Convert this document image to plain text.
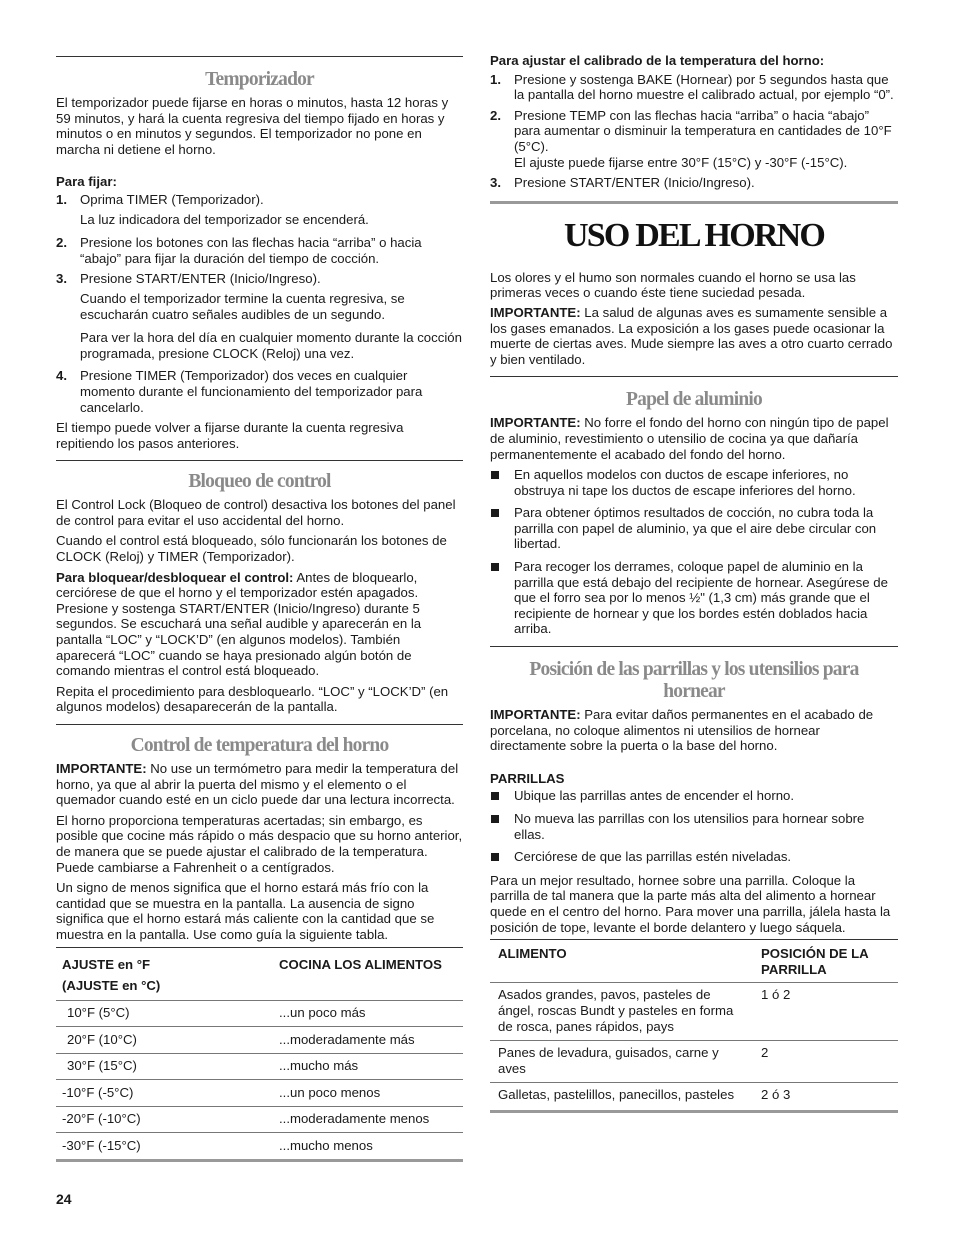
Temporizador

El temporizador puede fijarse en horas o minutos, hasta 12 horas y 59 minutos, y hará la cuenta regresiva del tiempo fijado en horas y minutos o en minutos y segundos. El temporizador no pone en marcha ni detiene el horno.

Para fijar:

1. Oprima TIMER (Temporizador).

La luz indicadora del temporizador se encenderá.

2. Presione los botones con las flechas hacia “arriba” o hacia “abajo” para fijar la duración del tiempo de cocción.

3. Presione START/ENTER (Inicio/Ingreso).

Cuando el temporizador termine la cuenta regresiva, se escucharán cuatro señales audibles de un segundo.

Para ver la hora del día en cualquier momento durante la cocción programada, presione CLOCK (Reloj) una vez.

4. Presione TIMER (Temporizador) dos veces en cualquier momento durante el funcionamiento del temporizador para cancelarlo.

El tiempo puede volver a fijarse durante la cuenta regresiva repitiendo los pasos anteriores.

Bloqueo de control

El Control Lock (Bloqueo de control) desactiva los botones del panel de control para evitar el uso accidental del horno.

Cuando el control está bloqueado, sólo funcionarán los botones de CLOCK (Reloj) y TIMER (Temporizador).

Para bloquear/desbloquear el control: Antes de bloquearlo, cerciórese de que el horno y el temporizador estén apagados. Presione y sostenga START/ENTER (Inicio/Ingreso) durante 5 segundos. Se escuchará una señal audible y aparecerán en la pantalla “LOC” y “LOCK’D” (en algunos modelos). También aparecerá “LOC” cuando se haya presionado algún botón de comando mientras el control está bloqueado.

Repita el procedimiento para desbloquearlo. “LOC” y “LOCK’D” (en algunos modelos) desaparecerán de la pantalla.

Control de temperatura del horno

IMPORTANTE: No use un termómetro para medir la temperatura del horno, ya que al abrir la puerta del mismo y el elemento o el quemador cuando esté en un ciclo puede dar una lectura incorrecta.

El horno proporciona temperaturas acertadas; sin embargo, es posible que cocine más rápido o más despacio que su horno anterior, de manera que se puede ajustar el calibrado de la temperatura. Puede cambiarse a Fahrenheit o a centígrados.

Un signo de menos significa que el horno estará más frío con la cantidad que se muestra en la pantalla. La ausencia de signo significa que el horno estará más caliente con la cantidad que se muestra en la pantalla. Use como guía la siguiente tabla.

AJUSTE en °F
(AJUSTE en °C)	COCINA LOS ALIMENTOS
10°F (5°C)	...un poco más
20°F (10°C)	...moderadamente más
30°F (15°C)	...mucho más
-10°F (-5°C)	...un poco menos
-20°F (-10°C)	...moderadamente menos
-30°F (-15°C)	...mucho menos

Para ajustar el calibrado de la temperatura del horno:

1. Presione y sostenga BAKE (Hornear) por 5 segundos hasta que la pantalla del horno muestre el calibrado actual, por ejemplo “0”.

2. Presione TEMP con las flechas hacia “arriba” o hacia “abajo” para aumentar o disminuir la temperatura en cantidades de 10°F (5°C).

El ajuste puede fijarse entre 30°F (15°C) y -30°F (-15°C).

3. Presione START/ENTER (Inicio/Ingreso).

USO DEL HORNO

Los olores y el humo son normales cuando el horno se usa las primeras veces o cuando éste tiene suciedad pesada.

IMPORTANTE: La salud de algunas aves es sumamente sensible a los gases emanados. La exposición a los gases puede ocasionar la muerte de ciertas aves. Mude siempre las aves a otro cuarto cerrado y bien ventilado.

Papel de aluminio

IMPORTANTE: No forre el fondo del horno con ningún tipo de papel de aluminio, revestimiento o utensilio de cocina ya que dañaría permanentemente el acabado del fondo del horno.

En aquellos modelos con ductos de escape inferiores, no obstruya ni tape los ductos de escape inferiores del horno.
Para obtener óptimos resultados de cocción, no cubra toda la parrilla con papel de aluminio, ya que el aire debe circular con libertad.
Para recoger los derrames, coloque papel de aluminio en la parrilla que está debajo del recipiente de hornear. Asegúrese de que el forro sea por lo menos ½" (1,3 cm) más grande que el recipiente de hornear y que los bordes estén doblados hacia arriba.
Posición de las parrillas y los utensilios para
hornear

IMPORTANTE: Para evitar daños permanentes en el acabado de porcelana, no coloque alimentos ni utensilios de hornear directamente sobre la puerta o la base del horno.

PARRILLAS

Ubique las parrillas antes de encender el horno.
No mueva las parrillas con los utensilios para hornear sobre ellas.
Cerciórese de que las parrillas estén niveladas.

Para un mejor resultado, hornee sobre una parrilla. Coloque la parrilla de tal manera que la parte más alta del alimento a hornear quede en el centro del horno. Para mover una parrilla, jálela hasta la posición de tope, levante el borde delantero y luego sáquela.

ALIMENTO	POSICIÓN DE LA
PARRILLA

Asados grandes, pavos, pasteles de ángel, roscas Bundt y pasteles en forma de rosca, panes rápidos, pays	1 ó 2
Panes de levadura, guisados, carne y aves	2
Galletas, pastelillos, panecillos, pasteles	2 ó 3
24
